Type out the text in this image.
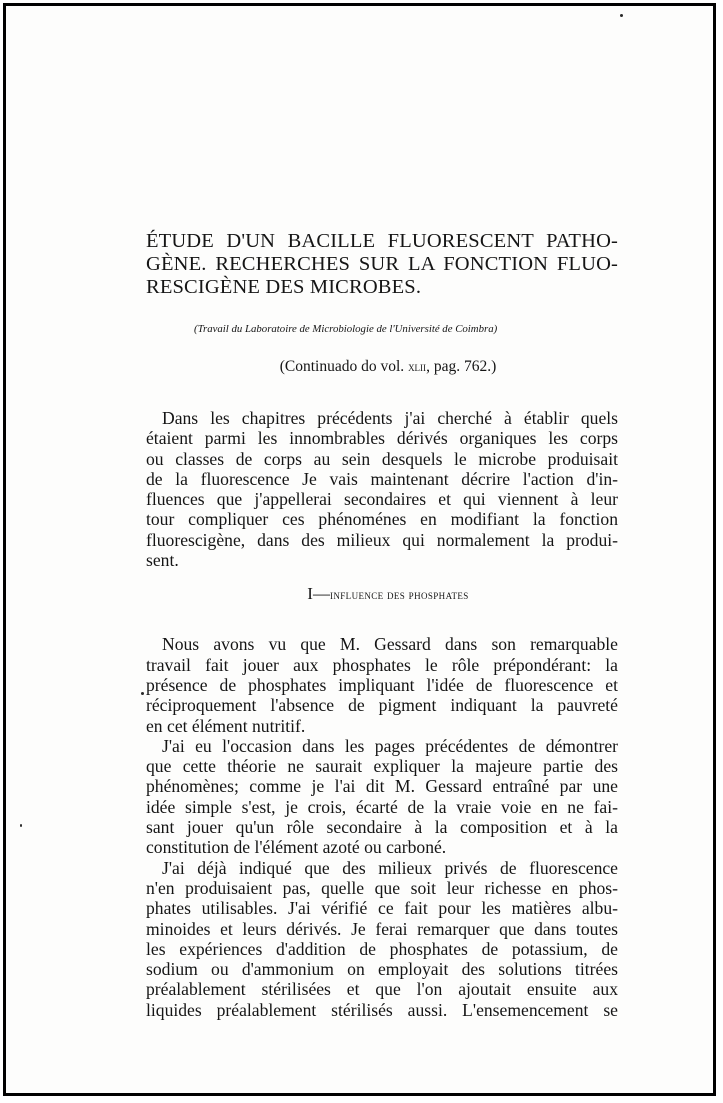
ÉTUDE D'UN BACILLE FLUORESCENT PATHO-
GÈNE. RECHERCHES SUR LA FONCTION FLUO-
RESCIGÈNE DES MICROBES.
(Travail du Laboratoire de Microbiologie de l'Université de Coimbra)
(Continuado do vol. xlii, pag. 762.)

Dans les chapitres précédents j'ai cherché à établir quels
étaient parmi les innombrables dérivés organiques les corps
ou classes de corps au sein desquels le microbe produisait
de la fluorescence Je vais maintenant décrire l'action d'in-
fluences que j'appellerai secondaires et qui viennent à leur
tour compliquer ces phénoménes en modifiant la fonction
fluorescigène, dans des milieux qui normalement la produi-
sent.

I—influence des phosphates

Nous avons vu que M. Gessard dans son remarquable
travail fait jouer aux phosphates le rôle prépondérant: la
présence de phosphates impliquant l'idée de fluorescence et
réciproquement l'absence de pigment indiquant la pauvreté
en cet élément nutritif.

J'ai eu l'occasion dans les pages précédentes de démontrer
que cette théorie ne saurait expliquer la majeure partie des
phénomènes; comme je l'ai dit M. Gessard entraîné par une
idée simple s'est, je crois, écarté de la vraie voie en ne fai-
sant jouer qu'un rôle secondaire à la composition et à la
constitution de l'élément azoté ou carboné.

J'ai déjà indiqué que des milieux privés de fluorescence
n'en produisaient pas, quelle que soit leur richesse en phos-
phates utilisables. J'ai vérifié ce fait pour les matières albu-
minoides et leurs dérivés. Je ferai remarquer que dans toutes
les expériences d'addition de phosphates de potassium, de
sodium ou d'ammonium on employait des solutions titrées
préalablement stérilisées et que l'on ajoutait ensuite aux
liquides préalablement stérilisés aussi. L'ensemencement se
